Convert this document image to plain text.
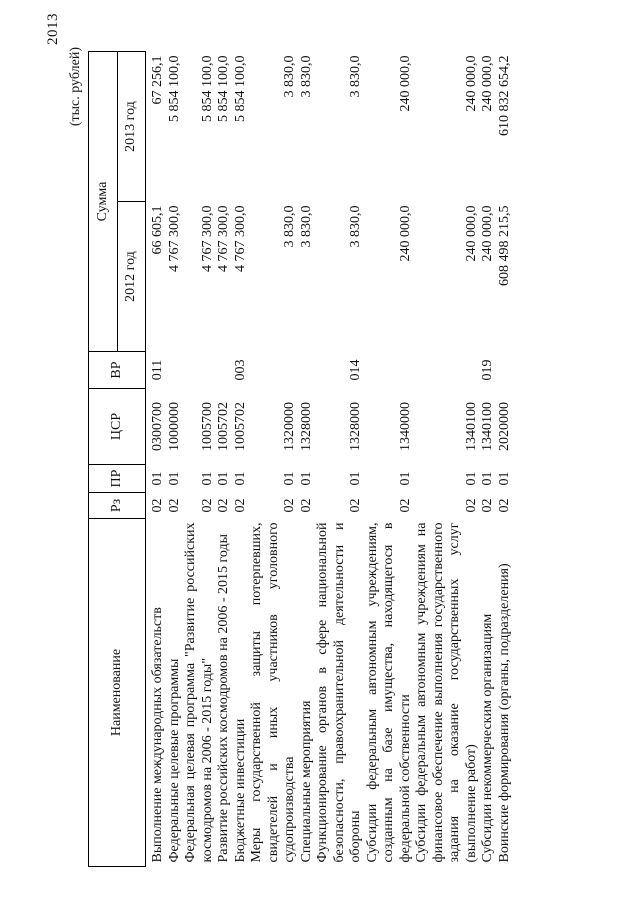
2013
(тыс. рублей)
Наименование	Рз	ПР	ЦСР	ВР	Сумма	
					2012 год	2013 год
Выполнение международных обязательств	02	01	0300700	011	66 605,1	67 256,1
Федеральные целевые программы	02	01	1000000		4 767 300,0	5 854 100,0
Федеральная целевая программа "Развитие российских космодромов на 2006 - 2015 годы"	02	01	1005700		4 767 300,0	5 854 100,0
Развитие российских космодромов на 2006 - 2015 годы	02	01	1005702		4 767 300,0	5 854 100,0
Бюджетные инвестиции	02	01	1005702	003	4 767 300,0	5 854 100,0
Меры государственной защиты потерпевших, свидетелей и иных участников уголовного судопроизводства	02	01	1320000		3 830,0	3 830,0
Специальные мероприятия	02	01	1328000		3 830,0	3 830,0
Функционирование органов в сфере национальной безопасности, правоохранительной деятельности и обороны	02	01	1328000	014	3 830,0	3 830,0
Субсидии федеральным автономным учреждениям, созданным на базе имущества, находящегося в федеральной собственности	02	01	1340000		240 000,0	240 000,0
Субсидии федеральным автономным учреждениям на финансовое обеспечение выполнения государственного задания на оказание государственных услуг (выполнение работ)	02	01	1340100		240 000,0	240 000,0
Субсидии некоммерческим организациям	02	01	1340100	019	240 000,0	240 000,0
Воинские формирования (органы, подразделения)	02	01	2020000		608 498 215,5	610 832 654,2
